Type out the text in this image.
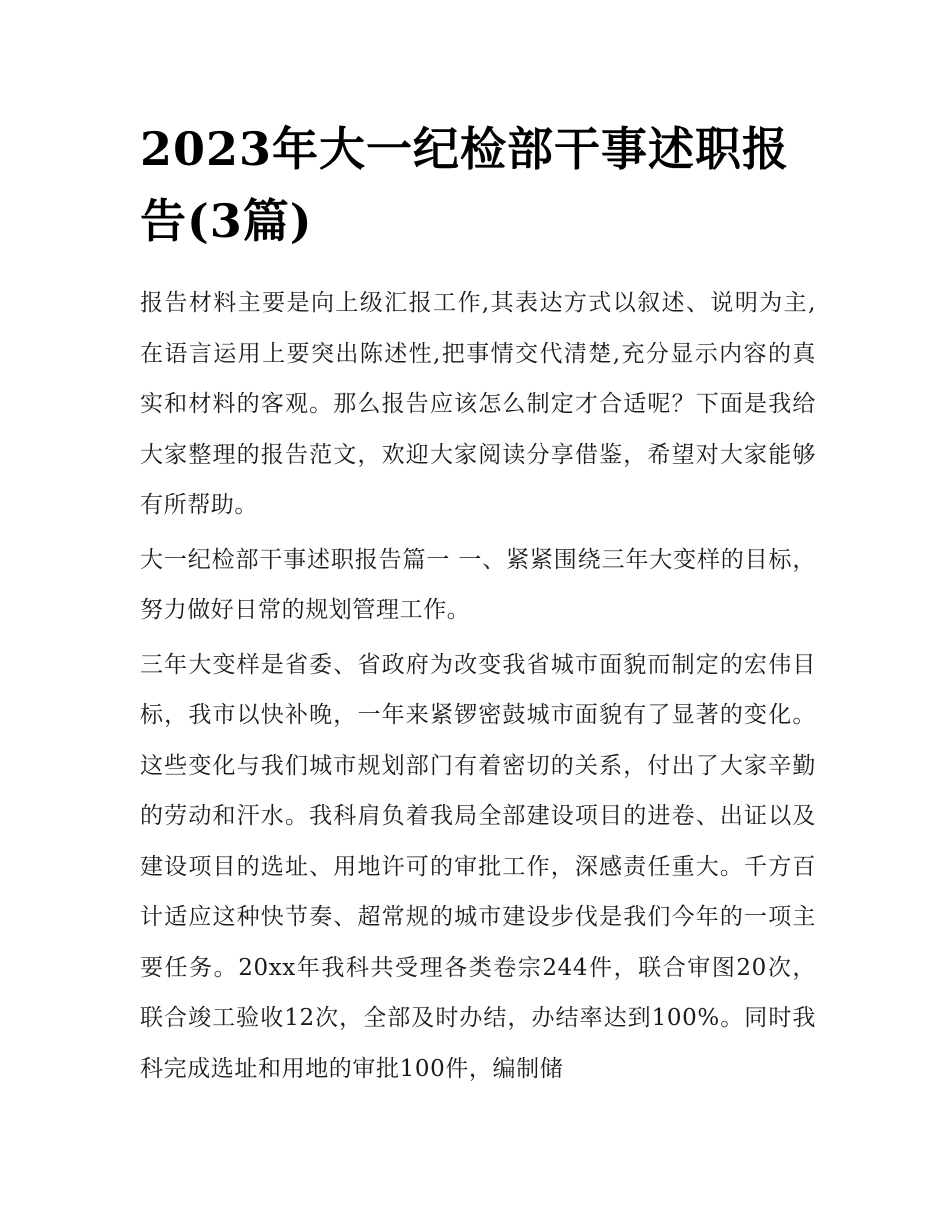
2023年大一纪检部干事述职报告(3篇)

报告材料主要是向上级汇报工作,其表达方式以叙述、说明为主,在语言运用上要突出陈述性,把事情交代清楚,充分显示内容的真实和材料的客观。那么报告应该怎么制定才合适呢？下面是我给大家整理的报告范文，欢迎大家阅读分享借鉴，希望对大家能够有所帮助。

大一纪检部干事述职报告篇一 一、紧紧围绕三年大变样的目标，努力做好日常的规划管理工作。

三年大变样是省委、省政府为改变我省城市面貌而制定的宏伟目标，我市以快补晚，一年来紧锣密鼓城市面貌有了显著的变化。这些变化与我们城市规划部门有着密切的关系，付出了大家辛勤的劳动和汗水。我科肩负着我局全部建设项目的进卷、出证以及建设项目的选址、用地许可的审批工作，深感责任重大。千方百计适应这种快节奏、超常规的城市建设步伐是我们今年的一项主要任务。20xx年我科共受理各类卷宗244件，联合审图20次，联合竣工验收12次，全部及时办结，办结率达到100%。同时我科完成选址和用地的审批100件，编制储
